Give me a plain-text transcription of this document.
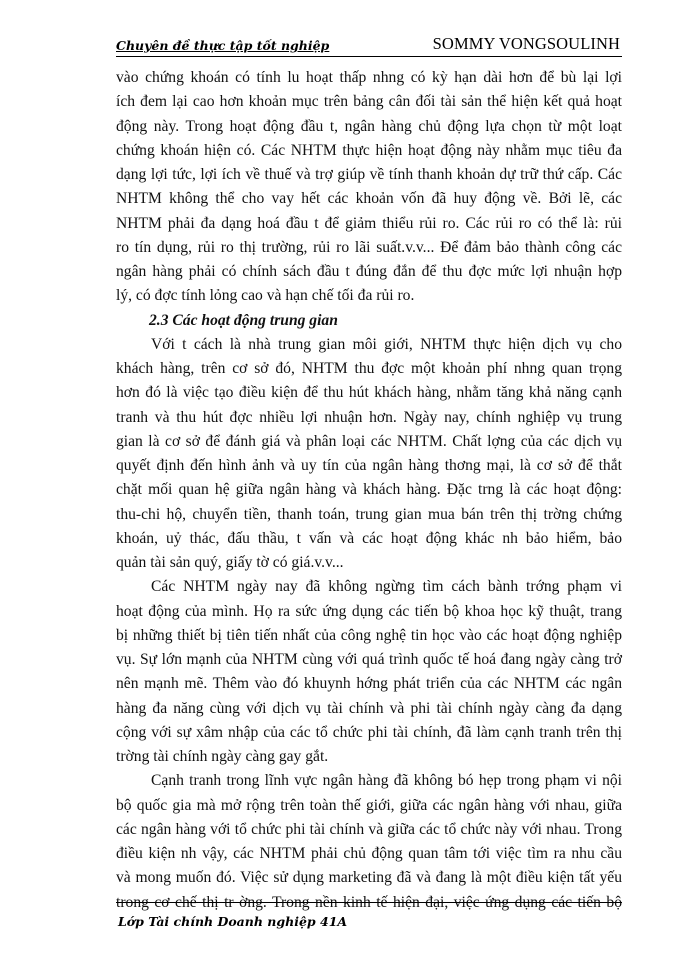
Chuyên đề thực tập tốt nghiệp	SOMMY VONGSOULINH
vào chứng khoán có tính lu hoạt thấp nhng có kỳ hạn dài hơn để bù lại lợi
ích đem lại cao hơn khoản mục trên bảng cân đối tài sản thể hiện kết quả hoạt
động này. Trong hoạt động đầu t, ngân hàng chủ động lựa chọn từ một loạt
chứng khoán hiện có. Các NHTM thực hiện hoạt động này nhằm mục tiêu đa
dạng lợi tức, lợi ích về thuế và trợ giúp về tính thanh khoản dự trữ thứ cấp. Các
NHTM không thể cho vay hết các khoản vốn đã huy động về. Bởi lẽ, các
NHTM phải đa dạng hoá đầu t để giảm thiểu rủi ro. Các rủi ro có thể là: rủi
ro tín dụng, rủi ro thị trường, rủi ro lãi suất.v.v... Để đảm bảo thành công các
ngân hàng phải có chính sách đầu t đúng đắn để thu đợc mức lợi nhuận hợp
lý, có đợc tính lỏng cao và hạn chế tối đa rủi ro.
2.3 Các hoạt động trung gian
Với t cách là nhà trung gian môi giới, NHTM thực hiện dịch vụ cho
khách hàng, trên cơ sở đó, NHTM thu đợc một khoản phí nhng quan trọng
hơn đó là việc tạo điều kiện để thu hút khách hàng, nhằm tăng khả năng cạnh
tranh và thu hút đợc nhiều lợi nhuận hơn. Ngày nay, chính nghiệp vụ trung
gian là cơ sở để đánh giá và phân loại các NHTM. Chất lợng của các dịch vụ
quyết định đến hình ảnh và uy tín của ngân hàng thơng mại, là cơ sở để thắt
chặt mối quan hệ giữa ngân hàng và khách hàng. Đặc trng là các hoạt động:
thu-chi hộ, chuyển tiền, thanh toán, trung gian mua bán trên thị trờng chứng
khoán, uỷ thác, đấu thầu, t vấn và các hoạt động khác nh bảo hiểm, bảo
quản tài sản quý, giấy tờ có giá.v.v...
Các NHTM ngày nay đã không ngừng tìm cách bành trớng phạm vi
hoạt động của mình. Họ ra sức ứng dụng các tiến bộ khoa học kỹ thuật, trang
bị những thiết bị tiên tiến nhất của công nghệ tin học vào các hoạt động nghiệp
vụ. Sự lớn mạnh của NHTM cùng với quá trình quốc tế hoá đang ngày càng trở
nên mạnh mẽ. Thêm vào đó khuynh hớng phát triển của các NHTM các ngân
hàng đa năng cùng với dịch vụ tài chính và phi tài chính ngày càng đa dạng
cộng với sự xâm nhập của các tổ chức phi tài chính, đã làm cạnh tranh trên thị
trờng tài chính ngày càng gay gắt.
Cạnh tranh trong lĩnh vực ngân hàng đã không bó hẹp trong phạm vi nội
bộ quốc gia mà mở rộng trên toàn thế giới, giữa các ngân hàng với nhau, giữa
các ngân hàng với tổ chức phi tài chính và giữa các tổ chức này với nhau. Trong
điều kiện nh vậy, các NHTM phải chủ động quan tâm tới việc tìm ra nhu cầu
và mong muốn đó. Việc sử dụng marketing đã và đang là một điều kiện tất yếu
trong cơ chế thị tr ờng. Trong nền kinh tế hiện đại, việc ứng dụng các tiến bộ
Lớp Tài chính Doanh nghiệp 41A
